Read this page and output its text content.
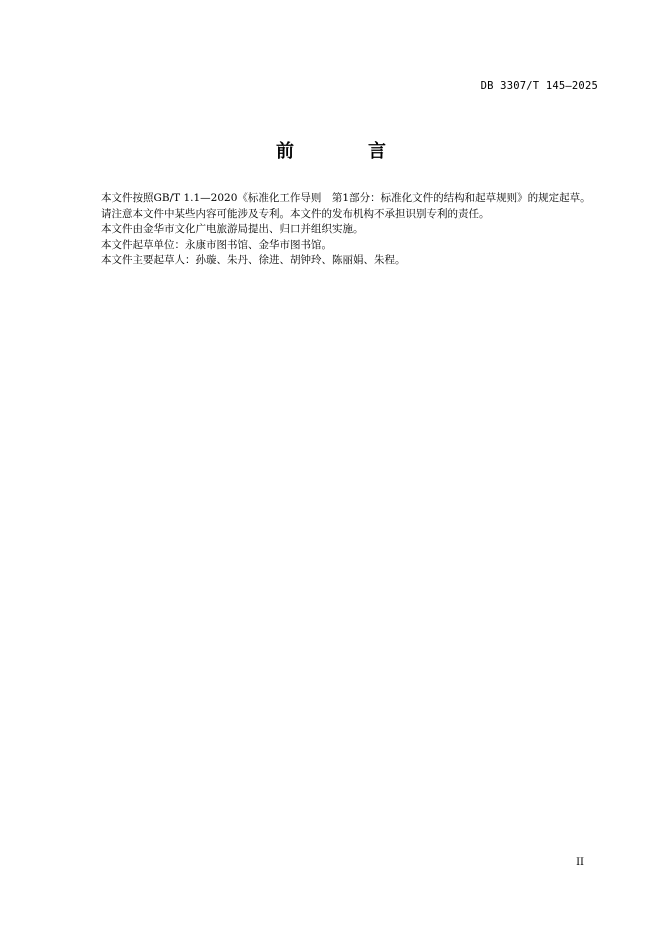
DB 3307/T 145—2025
前　言

本文件按照GB/T 1.1—2020《标准化工作导则　第1部分：标准化文件的结构和起草规则》的规定起草。

请注意本文件中某些内容可能涉及专利。本文件的发布机构不承担识别专利的责任。

本文件由金华市文化广电旅游局提出、归口并组织实施。

本文件起草单位：永康市图书馆、金华市图书馆。

本文件主要起草人：孙璇、朱丹、徐进、胡钟玲、陈丽娟、朱程。

II
